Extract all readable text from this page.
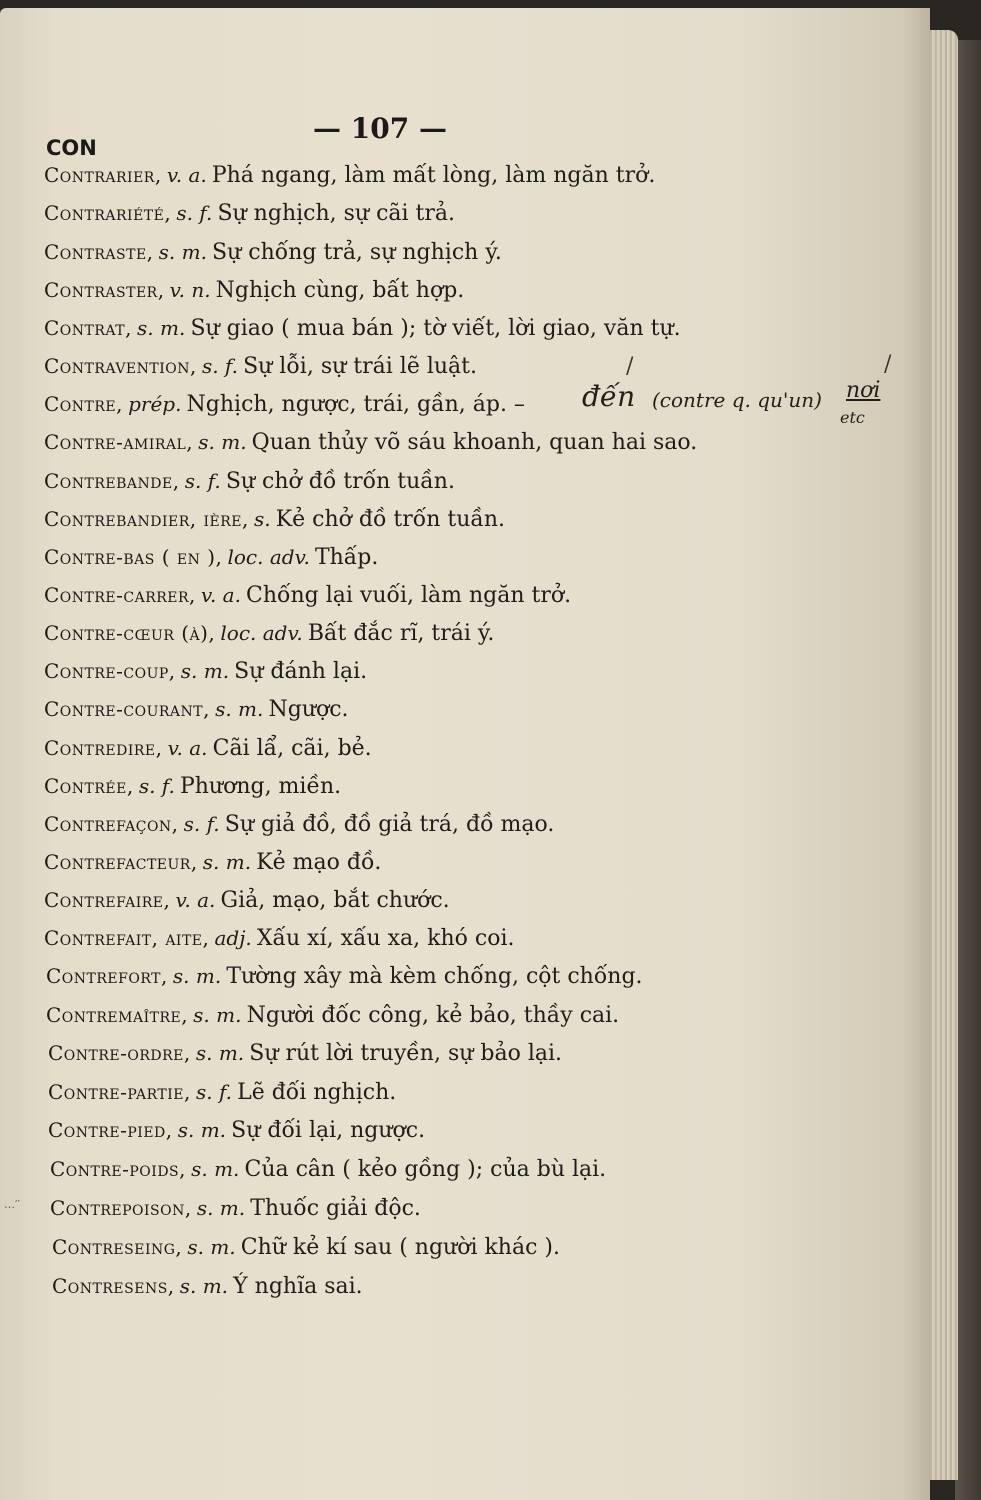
CON
— 107 —
Contrarier, v. a. Phá ngang, làm mất lòng, làm ngăn trở.
Contrariété, s. f. Sự nghịch, sự cãi trả.
Contraste, s. m. Sự chống trả, sự nghịch ý.
Contraster, v. n. Nghịch cùng, bất hợp.
Contrat, s. m. Sự giao ( mua bán ); tờ viết, lời giao, văn tự.
Contravention, s. f. Sự lỗi, sự trái lẽ luật.
Contre, prép. Nghịch, ngược, trái, gần, áp. –
Contre-amiral, s. m. Quan thủy võ sáu khoanh, quan hai sao.
Contrebande, s. f. Sự chở đồ trốn tuần.
Contrebandier, ière, s. Kẻ chở đồ trốn tuần.
Contre-bas ( en ), loc. adv. Thấp.
Contre-carrer, v. a. Chống lại vuối, làm ngăn trở.
Contre-cœur (à), loc. adv. Bất đắc rĩ, trái ý.
Contre-coup, s. m. Sự đánh lại.
Contre-courant, s. m. Ngược.
Contredire, v. a. Cãi lẩ, cãi, bẻ.
Contrée, s. f. Phương, miền.
Contrefaçon, s. f. Sự giả đồ, đồ giả trá, đồ mạo.
Contrefacteur, s. m. Kẻ mạo đồ.
Contrefaire, v. a. Giả, mạo, bắt chước.
Contrefait, aite, adj. Xấu xí, xấu xa, khó coi.
Contrefort, s. m. Tường xây mà kèm chống, cột chống.
Contremaître, s. m. Người đốc công, kẻ bảo, thầy cai.
Contre-ordre, s. m. Sự rút lời truyền, sự bảo lại.
Contre-partie, s. f. Lẽ đối nghịch.
Contre-pied, s. m. Sự đối lại, ngược.
Contre-poids, s. m. Của cân ( kẻo gồng ); của bù lại.
Contrepoison, s. m. Thuốc giải độc.
Contreseing, s. m. Chữ kẻ kí sau ( người khác ).
Contresens, s. m. Ý nghĩa sai.
đến (contre q. qu'un) nơi
etc
/	/
…′′
